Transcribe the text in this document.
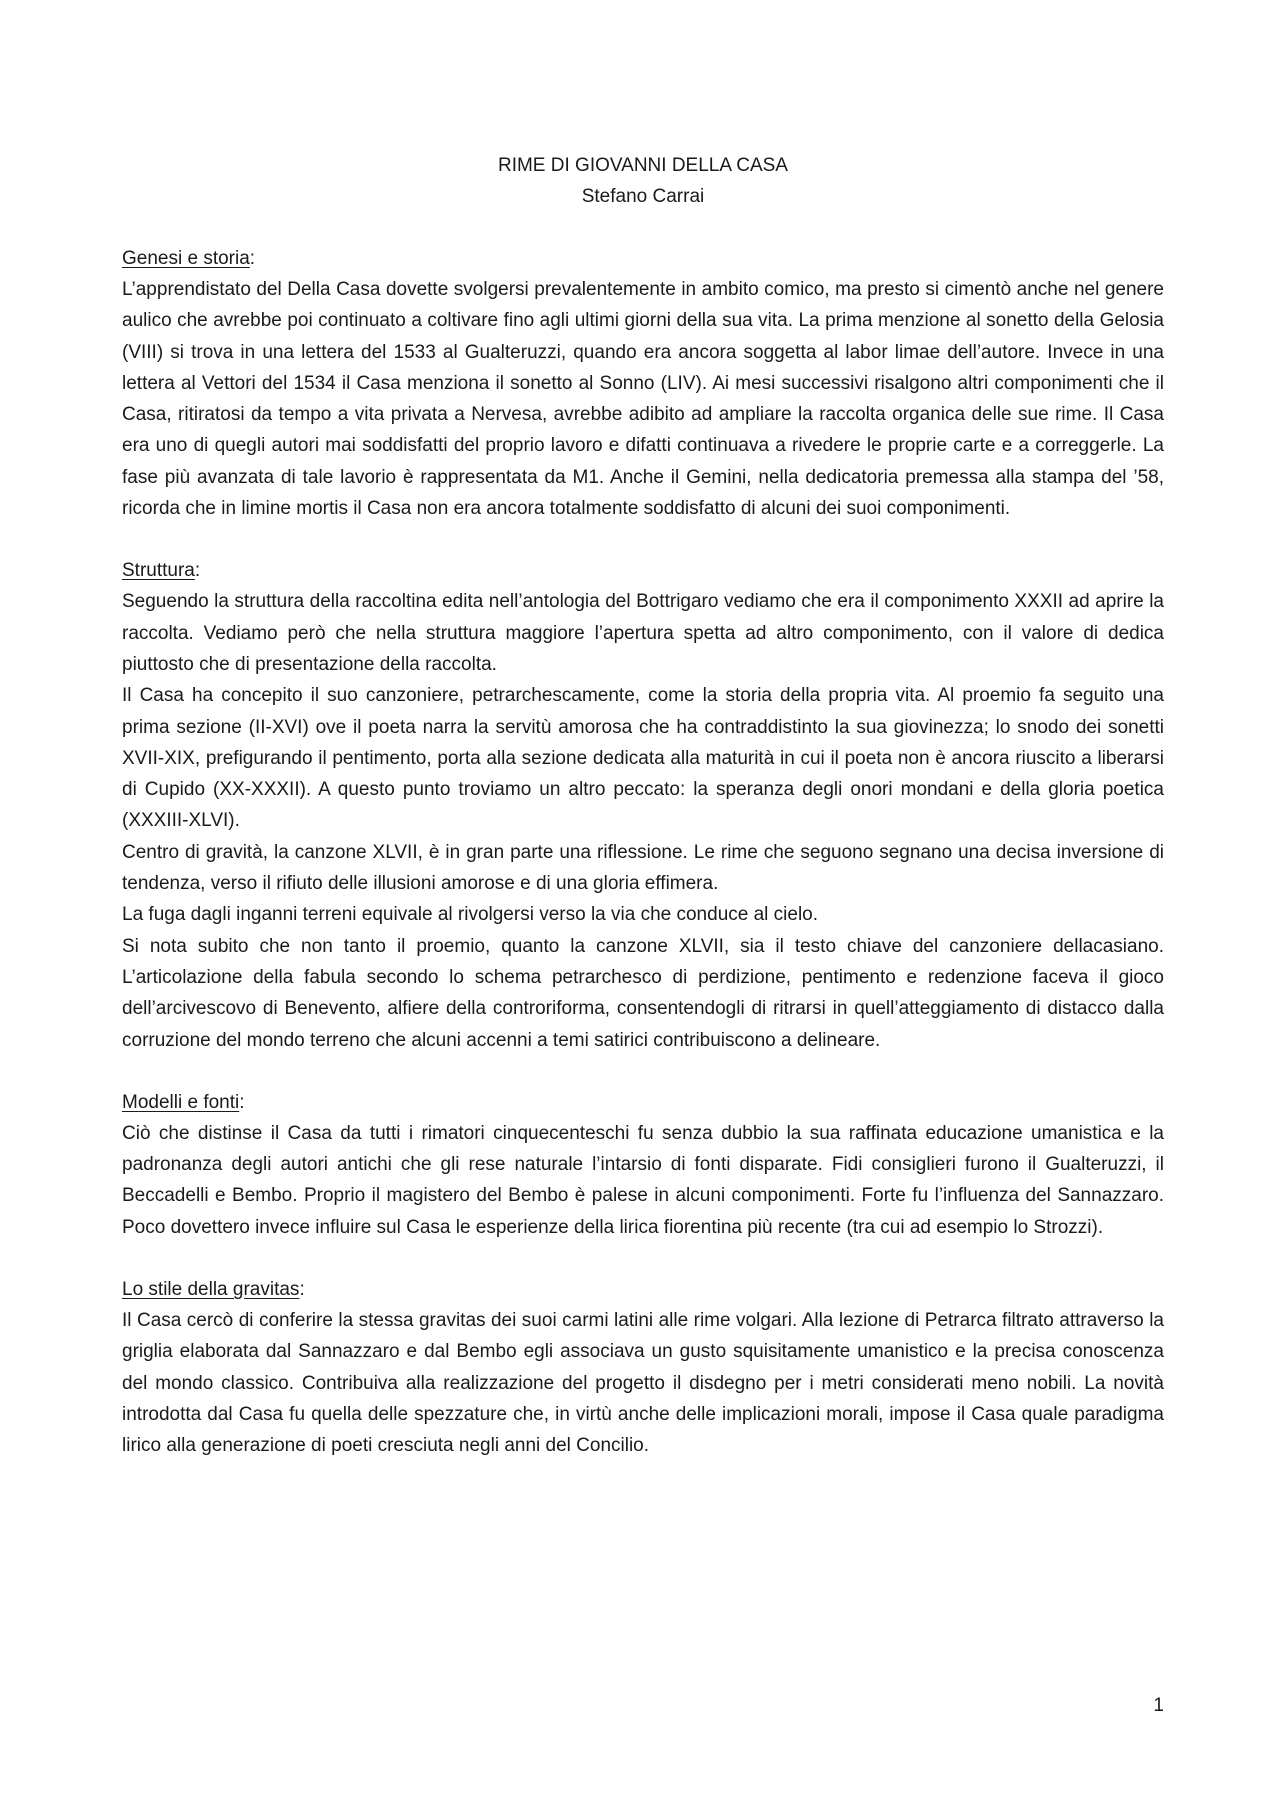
RIME DI GIOVANNI DELLA CASA
Stefano Carrai
Genesi e storia:

L’apprendistato del Della Casa dovette svolgersi prevalentemente in ambito comico, ma presto si cimentò anche nel genere aulico che avrebbe poi continuato a coltivare fino agli ultimi giorni della sua vita. La prima menzione al sonetto della Gelosia (VIII) si trova in una lettera del 1533 al Gualteruzzi, quando era ancora soggetta al labor limae dell’autore. Invece in una lettera al Vettori del 1534 il Casa menziona il sonetto al Sonno (LIV). Ai mesi successivi risalgono altri componimenti che il Casa, ritiratosi da tempo a vita privata a Nervesa, avrebbe adibito ad ampliare la raccolta organica delle sue rime. Il Casa era uno di quegli autori mai soddisfatti del proprio lavoro e difatti continuava a rivedere le proprie carte e a correggerle. La fase più avanzata di tale lavorio è rappresentata da M1. Anche il Gemini, nella dedicatoria premessa alla stampa del ’58, ricorda che in limine mortis il Casa non era ancora totalmente soddisfatto di alcuni dei suoi componimenti.

Struttura:

Seguendo la struttura della raccoltina edita nell’antologia del Bottrigaro vediamo che era il componimento XXXII ad aprire la raccolta. Vediamo però che nella struttura maggiore l’apertura spetta ad altro componimento, con il valore di dedica piuttosto che di presentazione della raccolta.

Il Casa ha concepito il suo canzoniere, petrarchescamente, come la storia della propria vita. Al proemio fa seguito una prima sezione (II-XVI) ove il poeta narra la servitù amorosa che ha contraddistinto la sua giovinezza; lo snodo dei sonetti XVII-XIX, prefigurando il pentimento, porta alla sezione dedicata alla maturità in cui il poeta non è ancora riuscito a liberarsi di Cupido (XX-XXXII). A questo punto troviamo un altro peccato: la speranza degli onori mondani e della gloria poetica (XXXIII-XLVI).

Centro di gravità, la canzone XLVII, è in gran parte una riflessione. Le rime che seguono segnano una decisa inversione di tendenza, verso il rifiuto delle illusioni amorose e di una gloria effimera.

La fuga dagli inganni terreni equivale al rivolgersi verso la via che conduce al cielo.

Si nota subito che non tanto il proemio, quanto la canzone XLVII, sia il testo chiave del canzoniere dellacasiano. L’articolazione della fabula secondo lo schema petrarchesco di perdizione, pentimento e redenzione faceva il gioco dell’arcivescovo di Benevento, alfiere della controriforma, consentendogli di ritrarsi in quell’atteggiamento di distacco dalla corruzione del mondo terreno che alcuni accenni a temi satirici contribuiscono a delineare.

Modelli e fonti:

Ciò che distinse il Casa da tutti i rimatori cinquecenteschi fu senza dubbio la sua raffinata educazione umanistica e la padronanza degli autori antichi che gli rese naturale l’intarsio di fonti disparate. Fidi consiglieri furono il Gualteruzzi, il Beccadelli e Bembo. Proprio il magistero del Bembo è palese in alcuni componimenti. Forte fu l’influenza del Sannazzaro. Poco dovettero invece influire sul Casa le esperienze della lirica fiorentina più recente (tra cui ad esempio lo Strozzi).

Lo stile della gravitas:

Il Casa cercò di conferire la stessa gravitas dei suoi carmi latini alle rime volgari. Alla lezione di Petrarca filtrato attraverso la griglia elaborata dal Sannazzaro e dal Bembo egli associava un gusto squisitamente umanistico e la precisa conoscenza del mondo classico. Contribuiva alla realizzazione del progetto il disdegno per i metri considerati meno nobili. La novità introdotta dal Casa fu quella delle spezzature che, in virtù anche delle implicazioni morali, impose il Casa quale paradigma lirico alla generazione di poeti cresciuta negli anni del Concilio.

1
